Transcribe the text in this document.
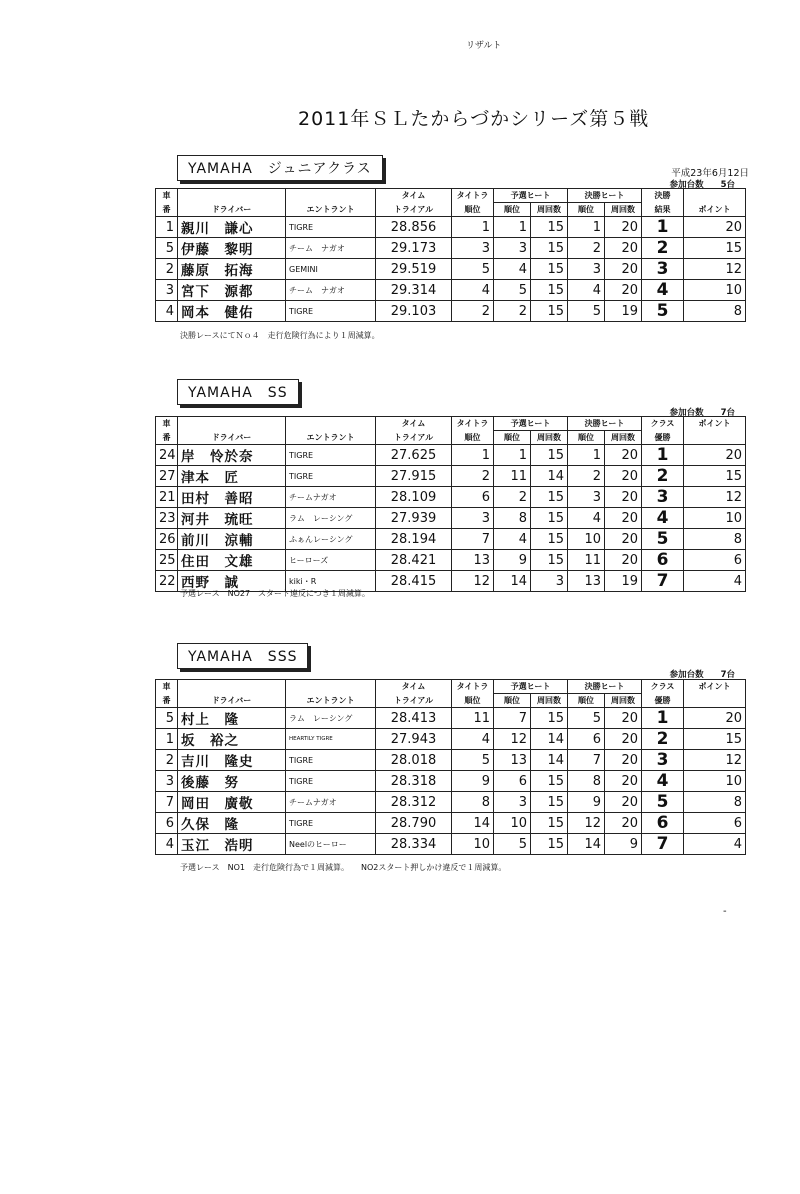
リザルト
2011年ＳＬたからづかシリーズ第５戦
YAMAHA　ジュニアクラス	平成23年6月12日
参加台数　　5台
車			タイム	タイトラ	予選ヒート		決勝ヒート		決勝	
番	ドライバー	エントラント	トライアル	順位	順位	周回数	順位	周回数	結果	ポイント
1	親川　謙心	TIGRE	28.856	1	1	15	1	20	1	20
5	伊藤　黎明	チーム　ナガオ	29.173	3	3	15	2	20	2	15
2	藤原　拓海	GEMINI	29.519	5	4	15	3	20	3	12
3	宮下　源都	チーム　ナガオ	29.314	4	5	15	4	20	4	10
4	岡本　健佑	TIGRE	29.103	2	2	15	5	19	5	8
決勝レースにてＮｏ４　走行危険行為により１周減算。
YAMAHA　SS
参加台数　　7台
車			タイム	タイトラ	予選ヒート		決勝ヒート		クラス	ポイント
番	ドライバー	エントラント	トライアル	順位	順位	周回数	順位	周回数	優勝	
24	岸　怜於奈	TIGRE	27.625	1	1	15	1	20	1	20
27	津本　匠	TIGRE	27.915	2	11	14	2	20	2	15
21	田村　善昭	チームナガオ	28.109	6	2	15	3	20	3	12
23	河井　琉旺	ラム　レーシング	27.939	3	8	15	4	20	4	10
26	前川　涼輔	ふぁんレーシング	28.194	7	4	15	10	20	5	8
25	住田　文雄	ヒーローズ	28.421	13	9	15	11	20	6	6
22	西野　誠	kiki・R	28.415	12	14	3	13	19	7	4
予選レース　NO27　スタート違反につき１周減算。
YAMAHA　SSS
参加台数　　7台
車			タイム	タイトラ	予選ヒート		決勝ヒート		クラス	ポイント
番	ドライバー	エントラント	トライアル	順位	順位	周回数	順位	周回数	優勝	
5	村上　隆	ラム　レーシング	28.413	11	7	15	5	20	1	20
1	坂　裕之	HEARTILY TIGRE	27.943	4	12	14	6	20	2	15
2	吉川　隆史	TIGRE	28.018	5	13	14	7	20	3	12
3	後藤　努	TIGRE	28.318	9	6	15	8	20	4	10
7	岡田　廣敬	チームナガオ	28.312	8	3	15	9	20	5	8
6	久保　隆	TIGRE	28.790	14	10	15	12	20	6	6
4	玉江　浩明	Neelのヒーロー	28.334	10	5	15	14	9	7	4
予選レース　NO1　走行危険行為で１周減算。　　NO2スタート押しかけ違反で１周減算。
-
